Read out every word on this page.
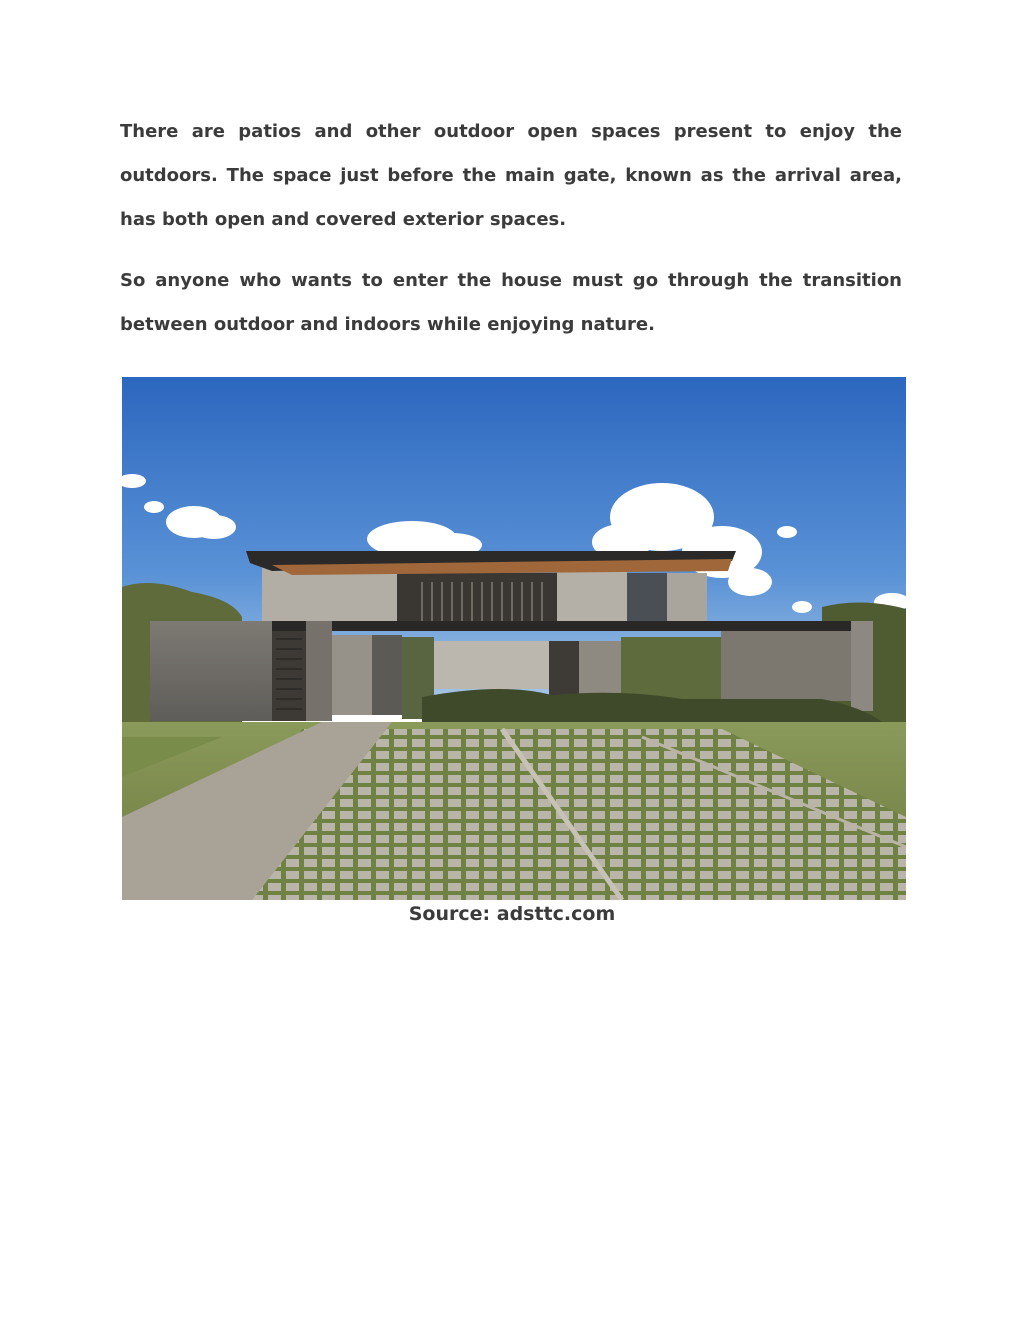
There are patios and other outdoor open spaces present to enjoy the outdoors. The space just before the main gate, known as the arrival area, has both open and covered exterior spaces.

So anyone who wants to enter the house must go through the transition between outdoor and indoors while enjoying nature.

Source: adsttc.com
